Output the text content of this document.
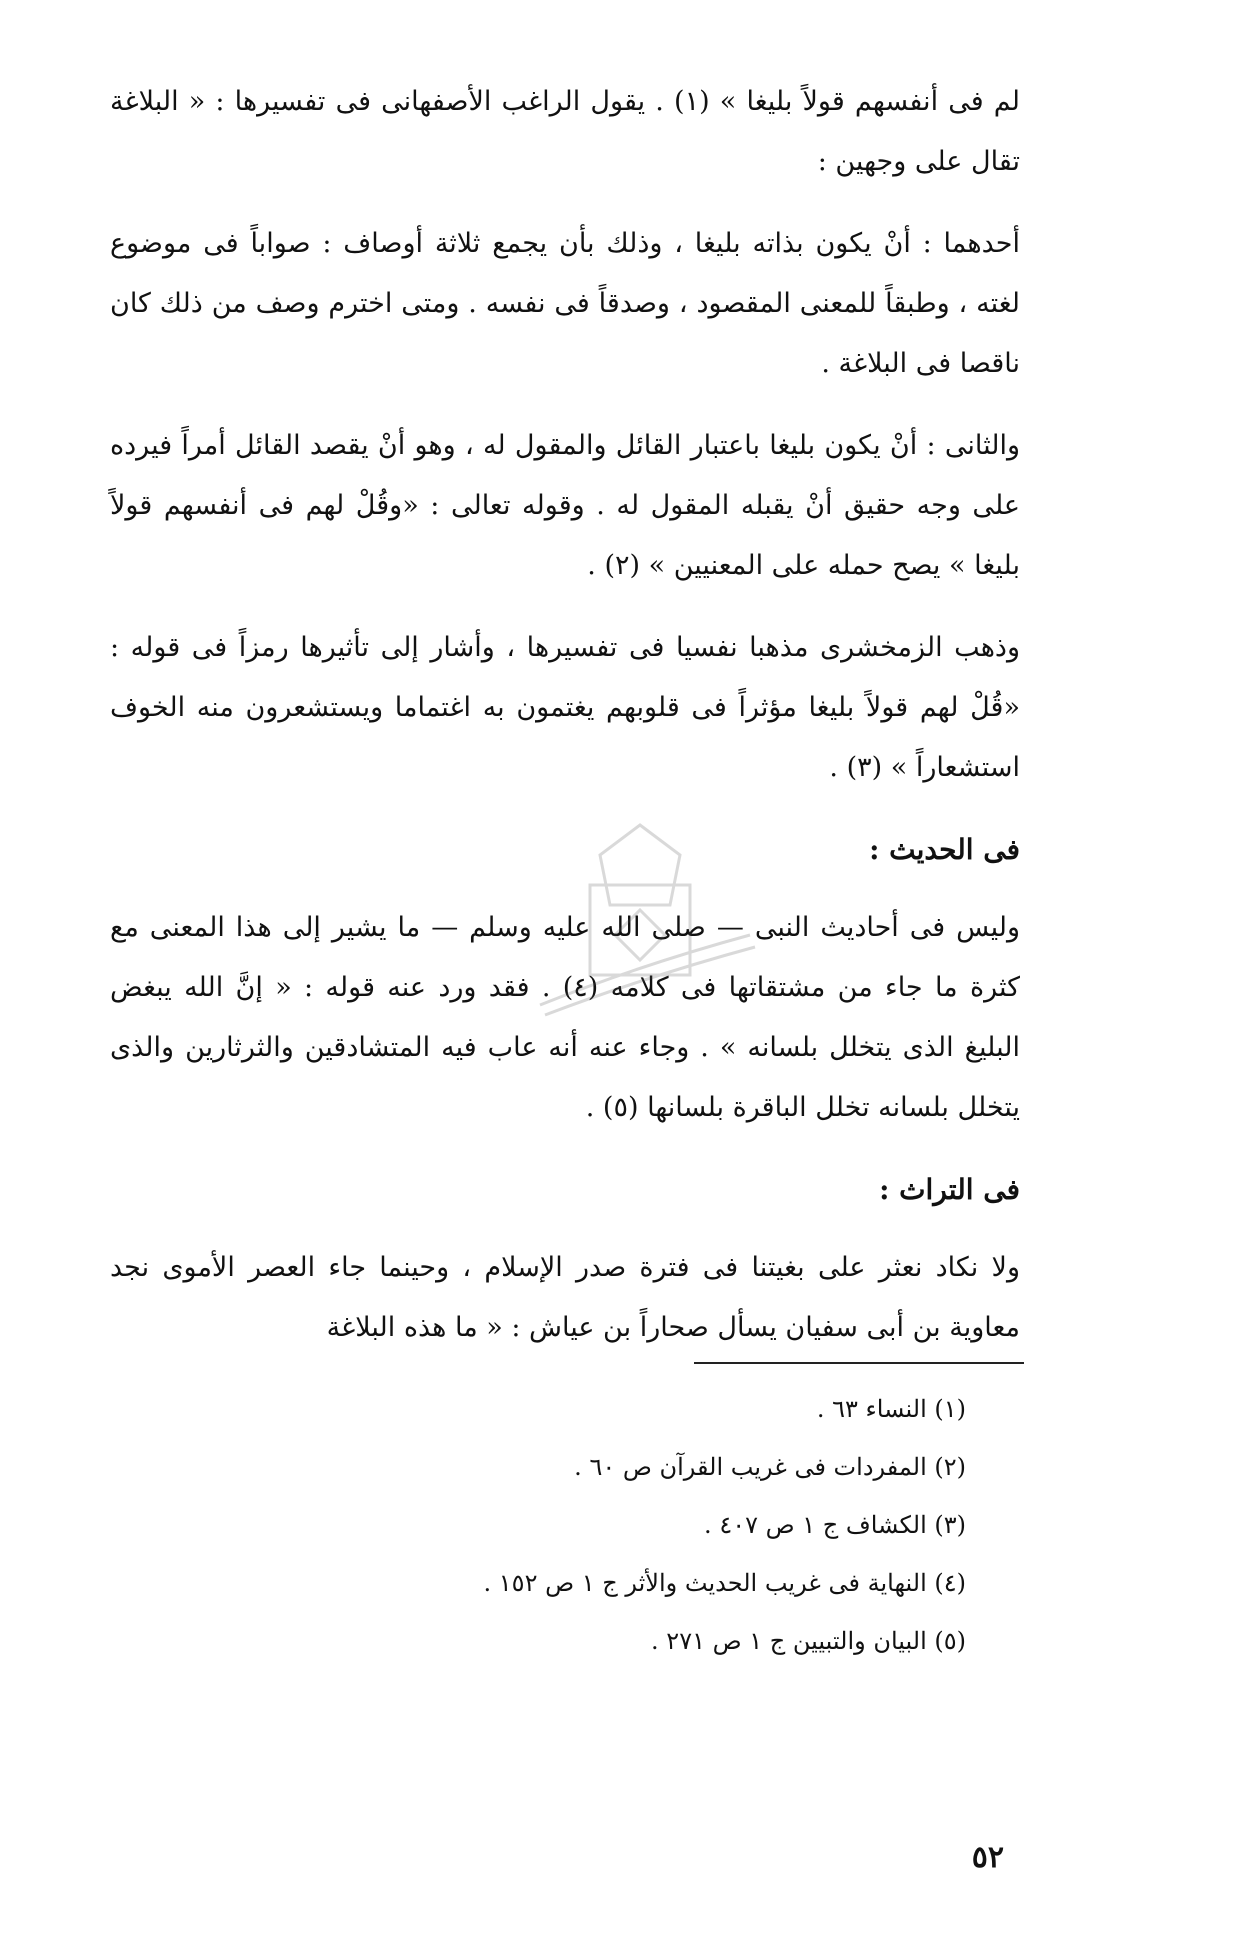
لم فى أنفسهم قولاً بليغا » (١) . يقول الراغب الأصفهانى فى تفسيرها : « البلاغة تقال على وجهين :

أحدهما : أنْ يكون بذاته بليغا ، وذلك بأن يجمع ثلاثة أوصاف : صواباً فى موضوع لغته ، وطبقاً للمعنى المقصود ، وصدقاً فى نفسه . ومتى اخترم وصف من ذلك كان ناقصا فى البلاغة .

والثانى : أنْ يكون بليغا باعتبار القائل والمقول له ، وهو أنْ يقصد القائل أمراً فيرده على وجه حقيق أنْ يقبله المقول له . وقوله تعالى : «وقُلْ لهم فى أنفسهم قولاً بليغا » يصح حمله على المعنيين » (٢) .

وذهب الزمخشرى مذهبا نفسيا فى تفسيرها ، وأشار إلى تأثيرها رمزاً فى قوله : «قُلْ لهم قولاً بليغا مؤثراً فى قلوبهم يغتمون به اغتماما ويستشعرون منه الخوف استشعاراً » (٣) .

فى الحديث :

وليس فى أحاديث النبى — صلى الله عليه وسلم — ما يشير إلى هذا المعنى مع كثرة ما جاء من مشتقاتها فى كلامه (٤) . فقد ورد عنه قوله : « إنَّ الله يبغض البليغ الذى يتخلل بلسانه » . وجاء عنه أنه عاب فيه المتشادقين والثرثارين والذى يتخلل بلسانه تخلل الباقرة بلسانها (٥) .

فى التراث :

ولا نكاد نعثر على بغيتنا فى فترة صدر الإسلام ، وحينما جاء العصر الأموى نجد معاوية بن أبى سفيان يسأل صحاراً بن عياش : « ما هذه البلاغة

(١) النساء ٦٣ .
(٢) المفردات فى غريب القرآن ص ٦٠ .
(٣) الكشاف ج ١ ص ٤٠٧ .
(٤) النهاية فى غريب الحديث والأثر ج ١ ص ١٥٢ .
(٥) البيان والتبيين ج ١ ص ٢٧١ .
٥٢
